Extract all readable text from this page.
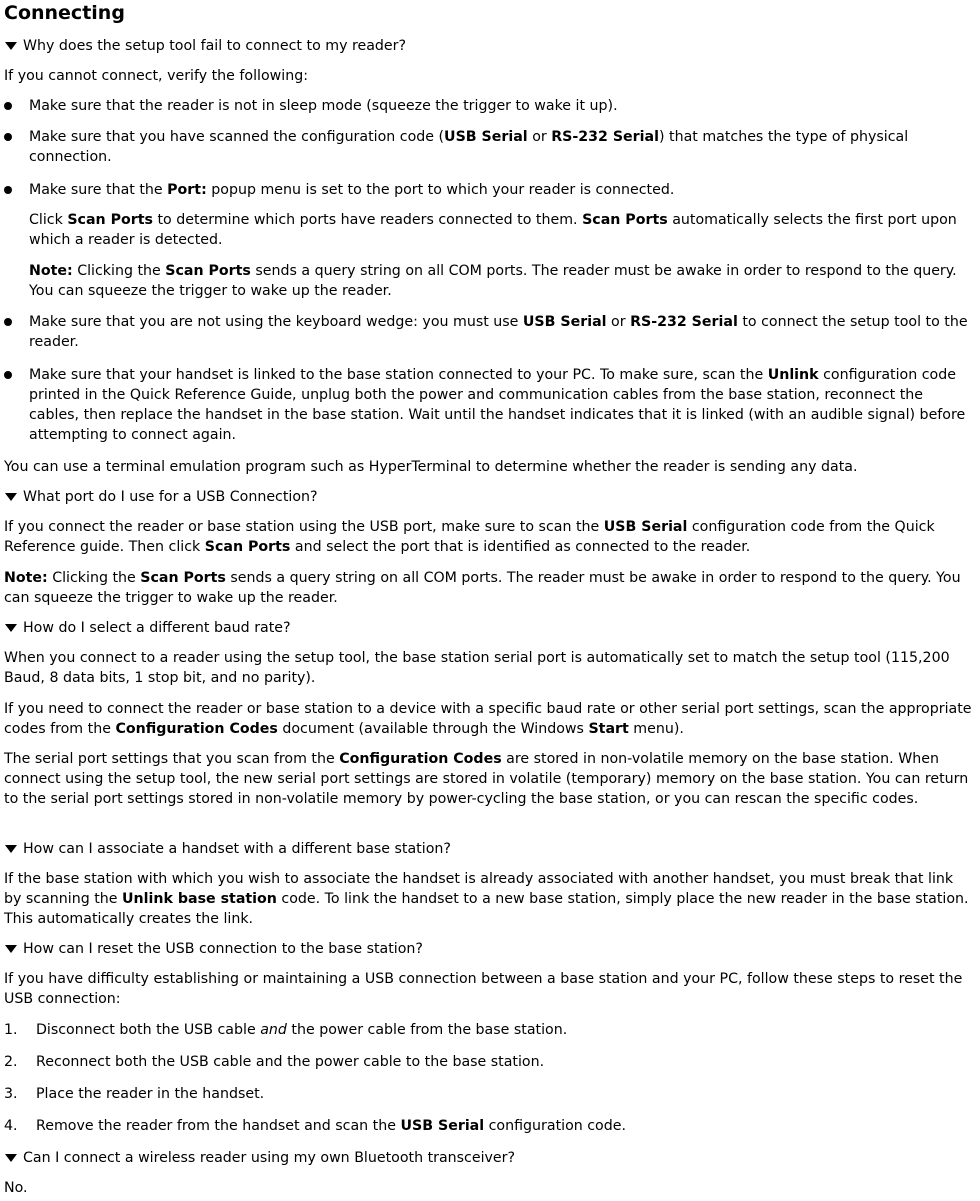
Connecting
Why does the setup tool fail to connect to my reader?
If you cannot connect, verify the following:
Make sure that the reader is not in sleep mode (squeeze the trigger to wake it up).
Make sure that you have scanned the configuration code (USB Serial or RS-232 Serial) that matches the type of physical connection.
Make sure that the Port: popup menu is set to the port to which your reader is connected.
Click Scan Ports to determine which ports have readers connected to them. Scan Ports automatically selects the first port upon which a reader is detected.
Note: Clicking the Scan Ports sends a query string on all COM ports. The reader must be awake in order to respond to the query. You can squeeze the trigger to wake up the reader.
Make sure that you are not using the keyboard wedge: you must use USB Serial or RS-232 Serial to connect the setup tool to the reader.
Make sure that your handset is linked to the base station connected to your PC. To make sure, scan the Unlink configuration code printed in the Quick Reference Guide, unplug both the power and communication cables from the base station, reconnect the cables, then replace the handset in the base station. Wait until the handset indicates that it is linked (with an audible signal) before attempting to connect again.
You can use a terminal emulation program such as HyperTerminal to determine whether the reader is sending any data.
What port do I use for a USB Connection?
If you connect the reader or base station using the USB port, make sure to scan the USB Serial configuration code from the Quick Reference guide. Then click Scan Ports and select the port that is identified as connected to the reader.
Note: Clicking the Scan Ports sends a query string on all COM ports. The reader must be awake in order to respond to the query. You can squeeze the trigger to wake up the reader.
How do I select a different baud rate?
When you connect to a reader using the setup tool, the base station serial port is automatically set to match the setup tool (115,200 Baud, 8 data bits, 1 stop bit, and no parity).
If you need to connect the reader or base station to a device with a specific baud rate or other serial port settings, scan the appropriate codes from the Configuration Codes document (available through the Windows Start menu).
The serial port settings that you scan from the Configuration Codes are stored in non-volatile memory on the base station. When connect using the setup tool, the new serial port settings are stored in volatile (temporary) memory on the base station. You can return to the serial port settings stored in non-volatile memory by power-cycling the base station, or you can rescan the specific codes.
How can I associate a handset with a different base station?
If the base station with which you wish to associate the handset is already associated with another handset, you must break that link by scanning the Unlink base station code. To link the handset to a new base station, simply place the new reader in the base station. This automatically creates the link.
How can I reset the USB connection to the base station?
If you have difficulty establishing or maintaining a USB connection between a base station and your PC, follow these steps to reset the USB connection:
1. Disconnect both the USB cable and the power cable from the base station.
2. Reconnect both the USB cable and the power cable to the base station.
3. Place the reader in the handset.
4. Remove the reader from the handset and scan the USB Serial configuration code.
Can I connect a wireless reader using my own Bluetooth transceiver?
No.
